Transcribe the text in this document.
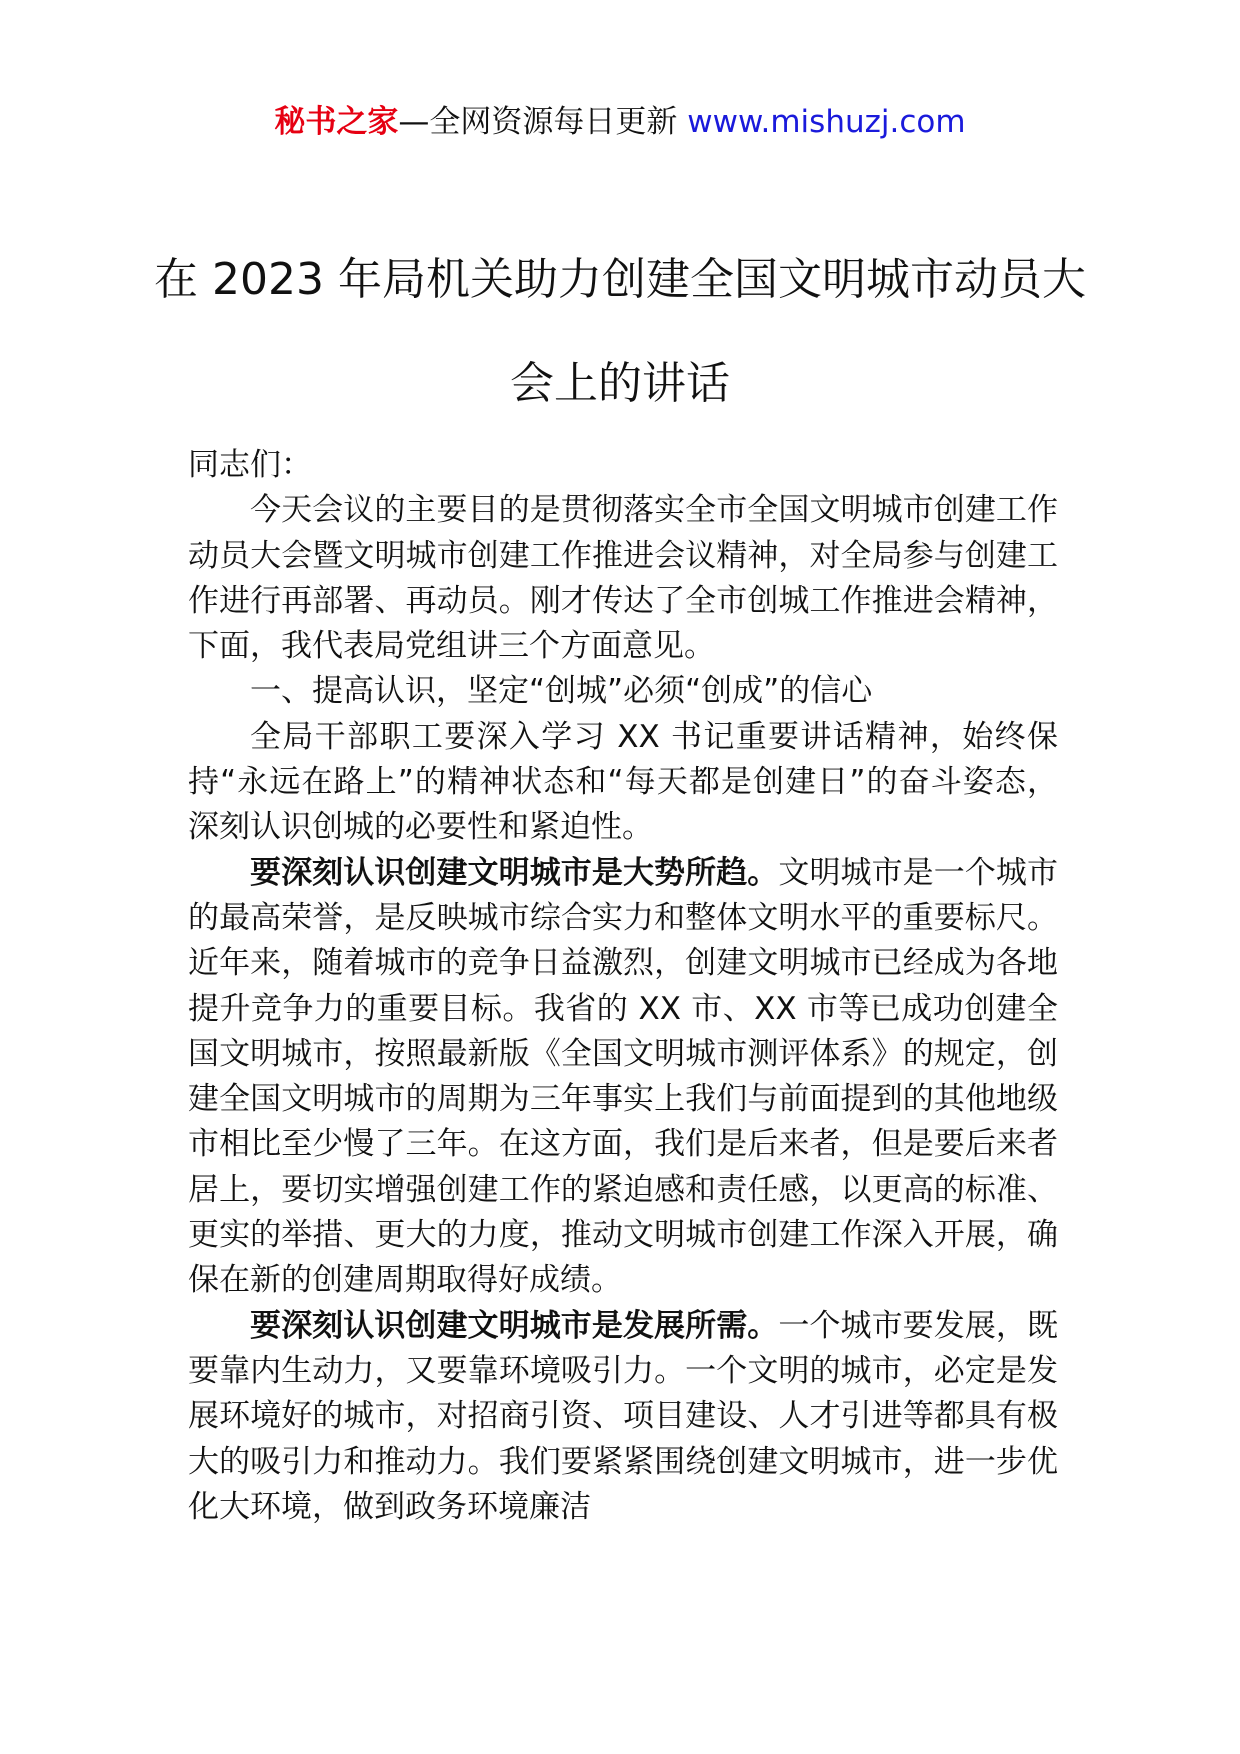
秘书之家—全网资源每日更新 www.mishuzj.com
在 2023 年局机关助力创建全国文明城市动员大会上的讲话

同志们：

今天会议的主要目的是贯彻落实全市全国文明城市创建工作动员大会暨文明城市创建工作推进会议精神，对全局参与创建工作进行再部署、再动员。刚才传达了全市创城工作推进会精神，下面，我代表局党组讲三个方面意见。

一、提高认识，坚定“创城”必须“创成”的信心

全局干部职工要深入学习 XX 书记重要讲话精神，始终保持“永远在路上”的精神状态和“每天都是创建日”的奋斗姿态，深刻认识创城的必要性和紧迫性。

要深刻认识创建文明城市是大势所趋。文明城市是一个城市的最高荣誉，是反映城市综合实力和整体文明水平的重要标尺。近年来，随着城市的竞争日益激烈，创建文明城市已经成为各地提升竞争力的重要目标。我省的 XX 市、XX 市等已成功创建全国文明城市，按照最新版《全国文明城市测评体系》的规定，创建全国文明城市的周期为三年事实上我们与前面提到的其他地级市相比至少慢了三年。在这方面，我们是后来者，但是要后来者居上，要切实增强创建工作的紧迫感和责任感，以更高的标准、更实的举措、更大的力度，推动文明城市创建工作深入开展，确保在新的创建周期取得好成绩。

要深刻认识创建文明城市是发展所需。一个城市要发展，既要靠内生动力，又要靠环境吸引力。一个文明的城市，必定是发展环境好的城市，对招商引资、项目建设、人才引进等都具有极大的吸引力和推动力。我们要紧紧围绕创建文明城市，进一步优化大环境，做到政务环境廉洁
